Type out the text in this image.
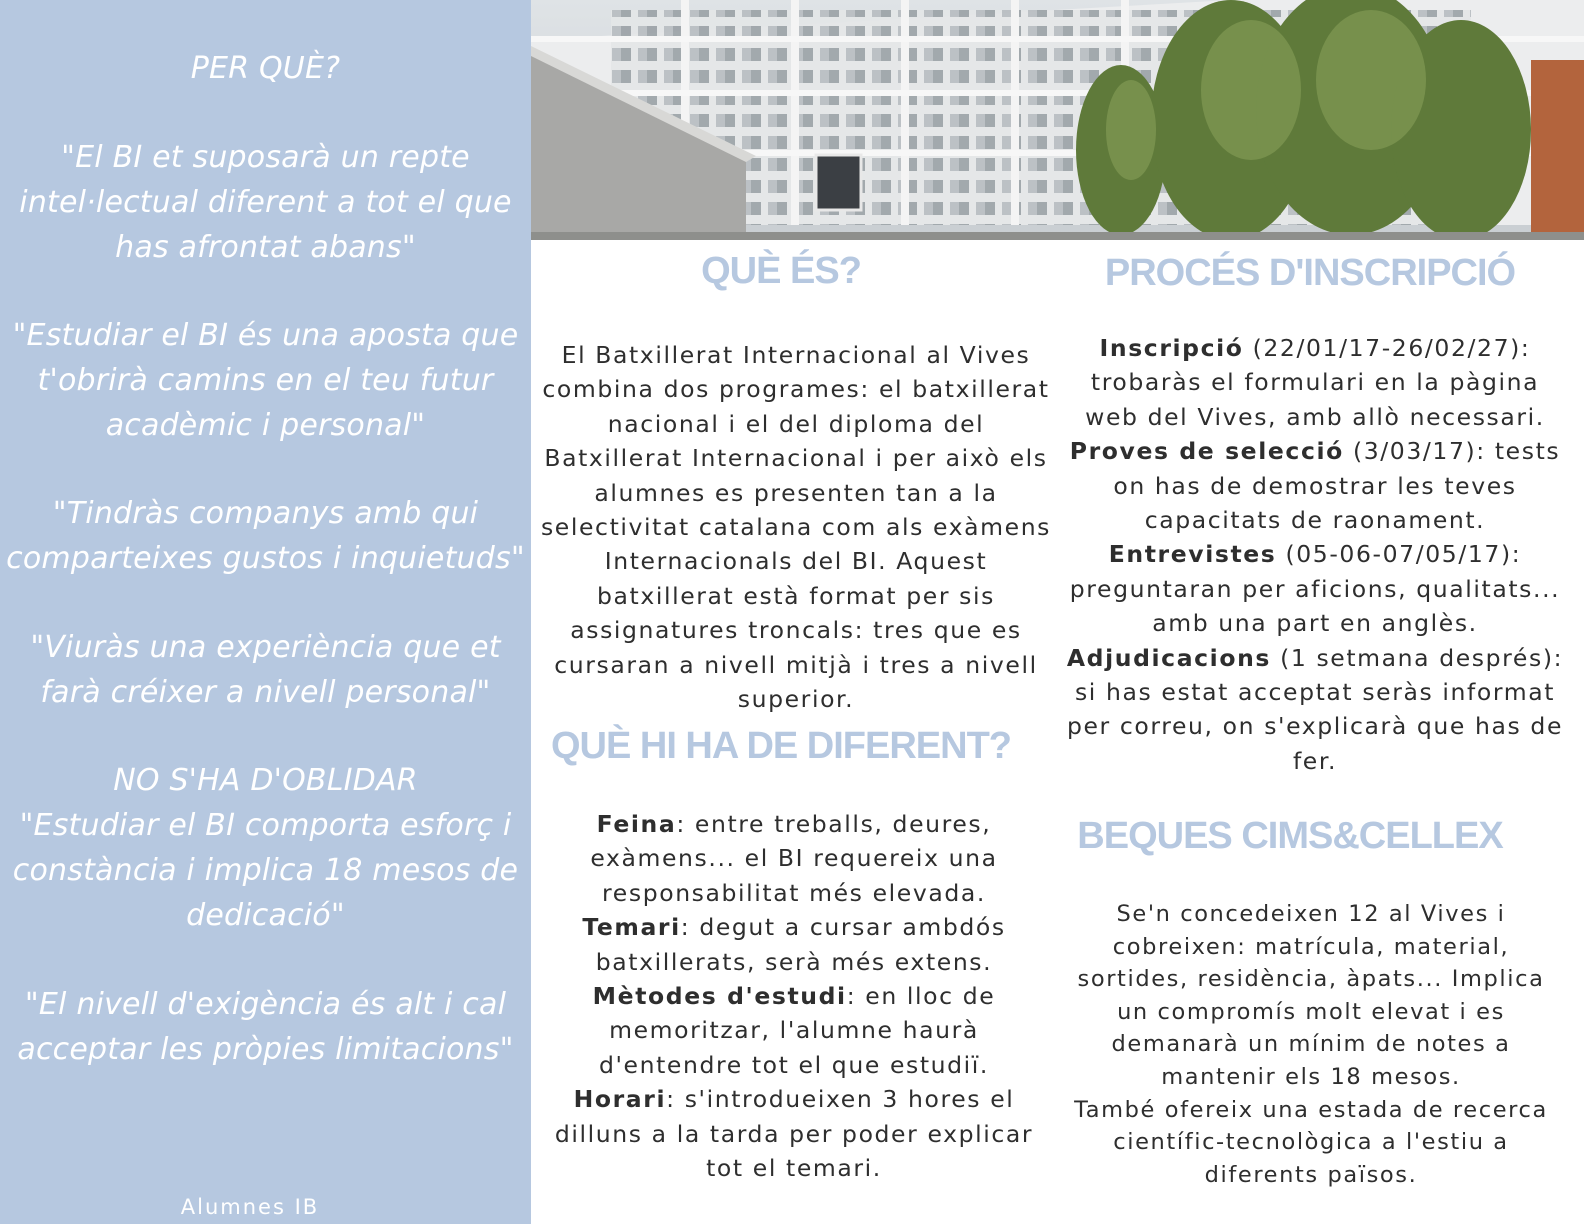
PER QUÈ?
"El BI et suposarà un repte intel·lectual diferent a tot el que has afrontat abans"
"Estudiar el BI és una aposta que t'obrirà camins en el teu futur acadèmic i personal"
"Tindràs companys amb qui comparteixes gustos i inquietuds"
"Viuràs una experiència que et farà créixer a nivell personal"
NO S'HA D'OBLIDAR
"Estudiar el BI comporta esforç i constància i implica 18 mesos de dedicació"
"El nivell d'exigència és alt i cal acceptar les pròpies limitacions"
Alumnes IB
QUÈ ÉS?
El Batxillerat Internacional al Vives combina dos programes: el batxillerat nacional i el del diploma del Batxillerat Internacional i per això els alumnes es presenten tan a la selectivitat catalana com als exàmens Internacionals del BI. Aquest batxillerat està format per sis assignatures troncals: tres que es cursaran a nivell mitjà i tres a nivell superior.
QUÈ HI HA DE DIFERENT?

Feina: entre treballs, deures, exàmens... el BI requereix una responsabilitat més elevada.

Temari: degut a cursar ambdós batxillerats, serà més extens.

Mètodes d'estudi: en lloc de memoritzar, l'alumne haurà d'entendre tot el que estudiï.

Horari: s'introdueixen 3 hores el dilluns a la tarda per poder explicar tot el temari.

PROCÉS D'INSCRIPCIÓ

Inscripció (22/01/17-26/02/27): trobaràs el formulari en la pàgina web del Vives, amb allò necessari.

Proves de selecció (3/03/17): tests on has de demostrar les teves capacitats de raonament.

Entrevistes (05-06-07/05/17): preguntaran per aficions, qualitats... amb una part en anglès.

Adjudicacions (1 setmana després): si has estat acceptat seràs informat per correu, on s'explicarà que has de fer.

BEQUES CIMS&CELLEX

Se'n concedeixen 12 al Vives i cobreixen: matrícula, material, sortides, residència, àpats... Implica un compromís molt elevat i es demanarà un mínim de notes a mantenir els 18 mesos.

També ofereix una estada de recerca científic-tecnològica a l'estiu a diferents països.
